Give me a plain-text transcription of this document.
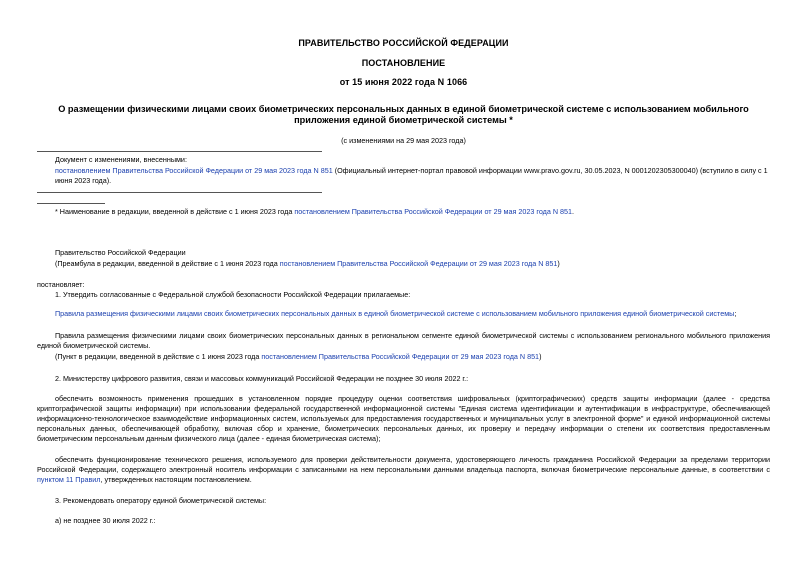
ПРАВИТЕЛЬСТВО РОССИЙСКОЙ ФЕДЕРАЦИИ
ПОСТАНОВЛЕНИЕ
от 15 июня 2022 года N 1066
О размещении физическими лицами своих биометрических персональных данных в единой биометрической системе с использованием мобильного приложения единой биометрической системы *
(с изменениями на 29 мая 2023 года)
Документ с изменениями, внесенными:
постановлением Правительства Российской Федерации от 29 мая 2023 года N 851 (Официальный интернет-портал правовой информации www.pravo.gov.ru, 30.05.2023, N 0001202305300040) (вступило в силу с 1 июня 2023 года).
* Наименование в редакции, введенной в действие с 1 июня 2023 года постановлением Правительства Российской Федерации от 29 мая 2023 года N 851.
Правительство Российской Федерации
(Преамбула в редакции, введенной в действие с 1 июня 2023 года постановлением Правительства Российской Федерации от 29 мая 2023 года N 851)
постановляет:
1. Утвердить согласованные с Федеральной службой безопасности Российской Федерации прилагаемые:
Правила размещения физическими лицами своих биометрических персональных данных в единой биометрической системе с использованием мобильного приложения единой биометрической системы;
Правила размещения физическими лицами своих биометрических персональных данных в региональном сегменте единой биометрической системы с использованием регионального мобильного приложения единой биометрической системы.
(Пункт в редакции, введенной в действие с 1 июня 2023 года постановлением Правительства Российской Федерации от 29 мая 2023 года N 851)
2. Министерству цифрового развития, связи и массовых коммуникаций Российской Федерации не позднее 30 июля 2022 г.:
обеспечить возможность применения прошедших в установленном порядке процедуру оценки соответствия шифровальных (криптографических) средств защиты информации (далее - средства криптографической защиты информации) при использовании федеральной государственной информационной системы "Единая система идентификации и аутентификации в инфраструктуре, обеспечивающей информационно-технологическое взаимодействие информационных систем, используемых для предоставления государственных и муниципальных услуг в электронной форме" и единой информационной системы персональных данных, обеспечивающей обработку, включая сбор и хранение, биометрических персональных данных, их проверку и передачу информации о степени их соответствия предоставленным биометрическим персональным данным физического лица (далее - единая биометрическая система);
обеспечить функционирование технического решения, используемого для проверки действительности документа, удостоверяющего личность гражданина Российской Федерации за пределами территории Российской Федерации, содержащего электронный носитель информации с записанными на нем персональными данными владельца паспорта, включая биометрические персональные данные, в соответствии с пунктом 11 Правил, утвержденных настоящим постановлением.
3. Рекомендовать оператору единой биометрической системы:
а) не позднее 30 июля 2022 г.:
